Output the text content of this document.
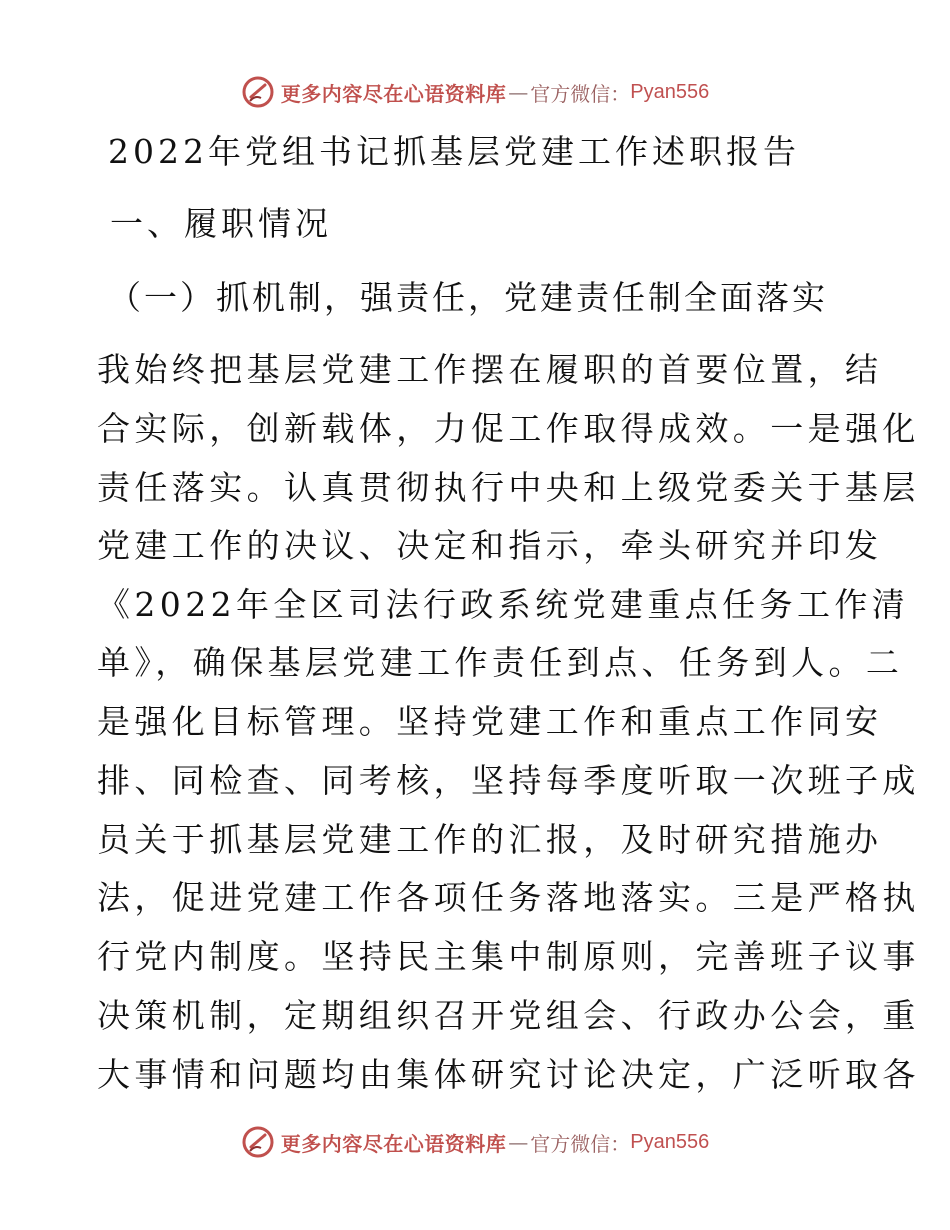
更多内容尽在心语资料库 — 官方微信： Pyan556
2022年党组书记抓基层党建工作述职报告
一、履职情况
（一）抓机制，强责任，党建责任制全面落实
我始终把基层党建工作摆在履职的首要位置，结
合实际，创新载体，力促工作取得成效。一是强化
责任落实。认真贯彻执行中央和上级党委关于基层
党建工作的决议、决定和指示，牵头研究并印发
《2022年全区司法行政系统党建重点任务工作清
单》，确保基层党建工作责任到点、任务到人。二
是强化目标管理。坚持党建工作和重点工作同安
排、同检查、同考核，坚持每季度听取一次班子成
员关于抓基层党建工作的汇报，及时研究措施办
法，促进党建工作各项任务落地落实。三是严格执
行党内制度。坚持民主集中制原则，完善班子议事
决策机制，定期组织召开党组会、行政办公会，重
大事情和问题均由集体研究讨论决定，广泛听取各
更多内容尽在心语资料库 — 官方微信： Pyan556
